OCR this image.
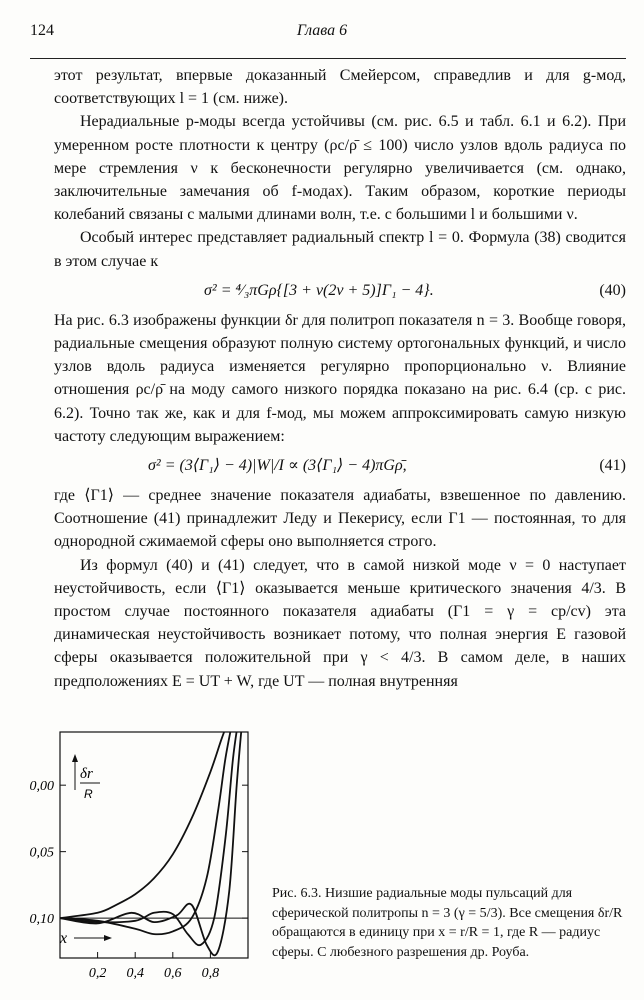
124	Глава 6

этот результат, впервые доказанный Смейерсом, справедлив и для g-мод, соответствующих l = 1 (см. ниже).

Нерадиальные p-моды всегда устойчивы (см. рис. 6.5 и табл. 6.1 и 6.2). При умеренном росте плотности к центру (ρc/ρ̄ ≤ 100) число узлов вдоль радиуса по мере стремления ν к бесконечности регулярно увеличивается (см. однако, заключительные замечания об f-модах). Таким образом, короткие периоды колебаний связаны с малыми длинами волн, т.е. с большими l и большими ν.

Особый интерес представляет радиальный спектр l = 0. Формула (38) сводится в этом случае к

σ² = ⁴⁄₃πGρ{[3 + ν(2ν + 5)]Γ₁ − 4}.	(40)

На рис. 6.3 изображены функции δr для политроп показателя n = 3. Вообще говоря, радиальные смещения образуют полную систему ортогональных функций, и число узлов вдоль радиуса изменяется регулярно пропорционально ν. Влияние отношения ρc/ρ̄ на моду самого низкого порядка показано на рис. 6.4 (ср. с рис. 6.2). Точно так же, как и для f-мод, мы можем аппроксимировать самую низкую частоту следующим выражением:

σ² = (3⟨Γ₁⟩ − 4)|W|/I ∝ (3⟨Γ₁⟩ − 4)πGρ̄,	(41)

где ⟨Γ1⟩ — среднее значение показателя адиабаты, взвешенное по давлению. Соотношение (41) принадлежит Леду и Пекерису, если Γ1 — постоянная, то для однородной сжимаемой сферы оно выполняется строго.

Из формул (40) и (41) следует, что в самой низкой моде ν = 0 наступает неустойчивость, если ⟨Γ1⟩ оказывается меньше критического значения 4/3. В простом случае постоянного показателя адиабаты (Γ1 = γ = cp/cv) эта динамическая неустойчивость возникает потому, что полная энергия E газовой сферы оказывается положительной при γ < 4/3. В самом деле, в наших предположениях E = UT + W, где UT — полная внутренняя

0,10
0,05
0,00
0,2 0,4 0,6 0,8
δr
R
x
Рис. 6.3. Низшие радиальные моды пульсаций для сферической политропы n = 3 (γ = 5/3). Все смещения δr/R обращаются в единицу при x = r/R = 1, где R — радиус сферы. С любезного разрешения др. Роуба.
